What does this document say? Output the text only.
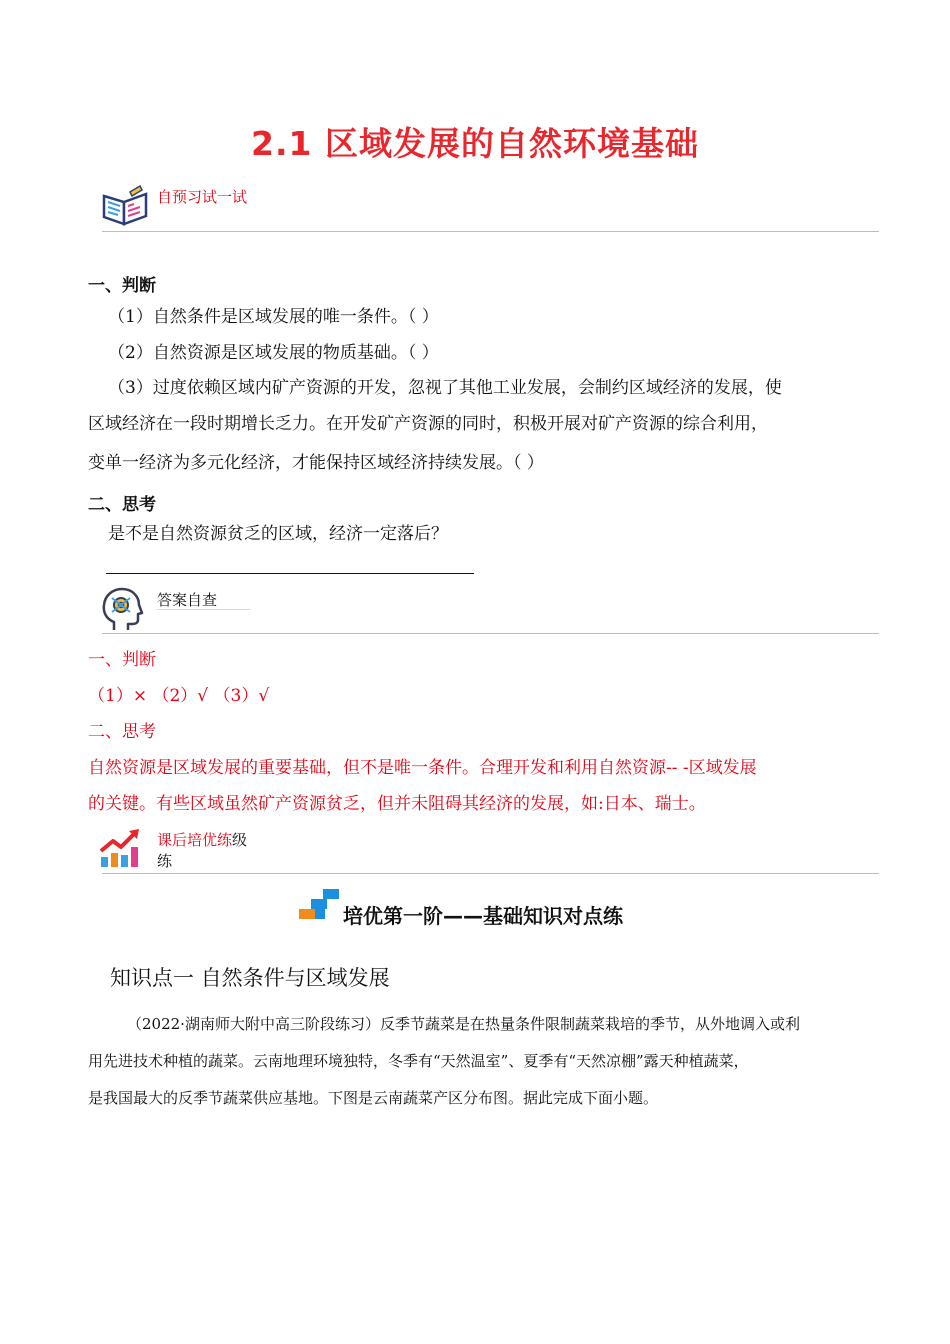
2.1 区域发展的自然环境基础
自预习试一试
一、判断
（1）自然条件是区域发展的唯一条件。（ ）
（2）自然资源是区域发展的物质基础。（ ）
（3）过度依赖区域内矿产资源的开发，忽视了其他工业发展，会制约区域经济的发展，使
区域经济在一段时期增长乏力。在开发矿产资源的同时，积极开展对矿产资源的综合利用，
变单一经济为多元化经济，才能保持区域经济持续发展。（ ）
二、思考
是不是自然资源贫乏的区域，经济一定落后？
答案自查
一、判断
（1）× （2）√ （3）√
二、思考
自然资源是区域发展的重要基础，但不是唯一条件。合理开发和利用自然资源-- -区域发展
的关键。有些区域虽然矿产资源贫乏，但并未阻碍其经济的发展，如:日本、瑞士。
课后培优练级
练
培优第一阶——基础知识对点练
知识点一 自然条件与区域发展
（2022·湖南师大附中高三阶段练习）反季节蔬菜是在热量条件限制蔬菜栽培的季节，从外地调入或利
用先进技术种植的蔬菜。云南地理环境独特，冬季有“天然温室”、夏季有“天然凉棚”露天种植蔬菜，
是我国最大的反季节蔬菜供应基地。下图是云南蔬菜产区分布图。据此完成下面小题。
